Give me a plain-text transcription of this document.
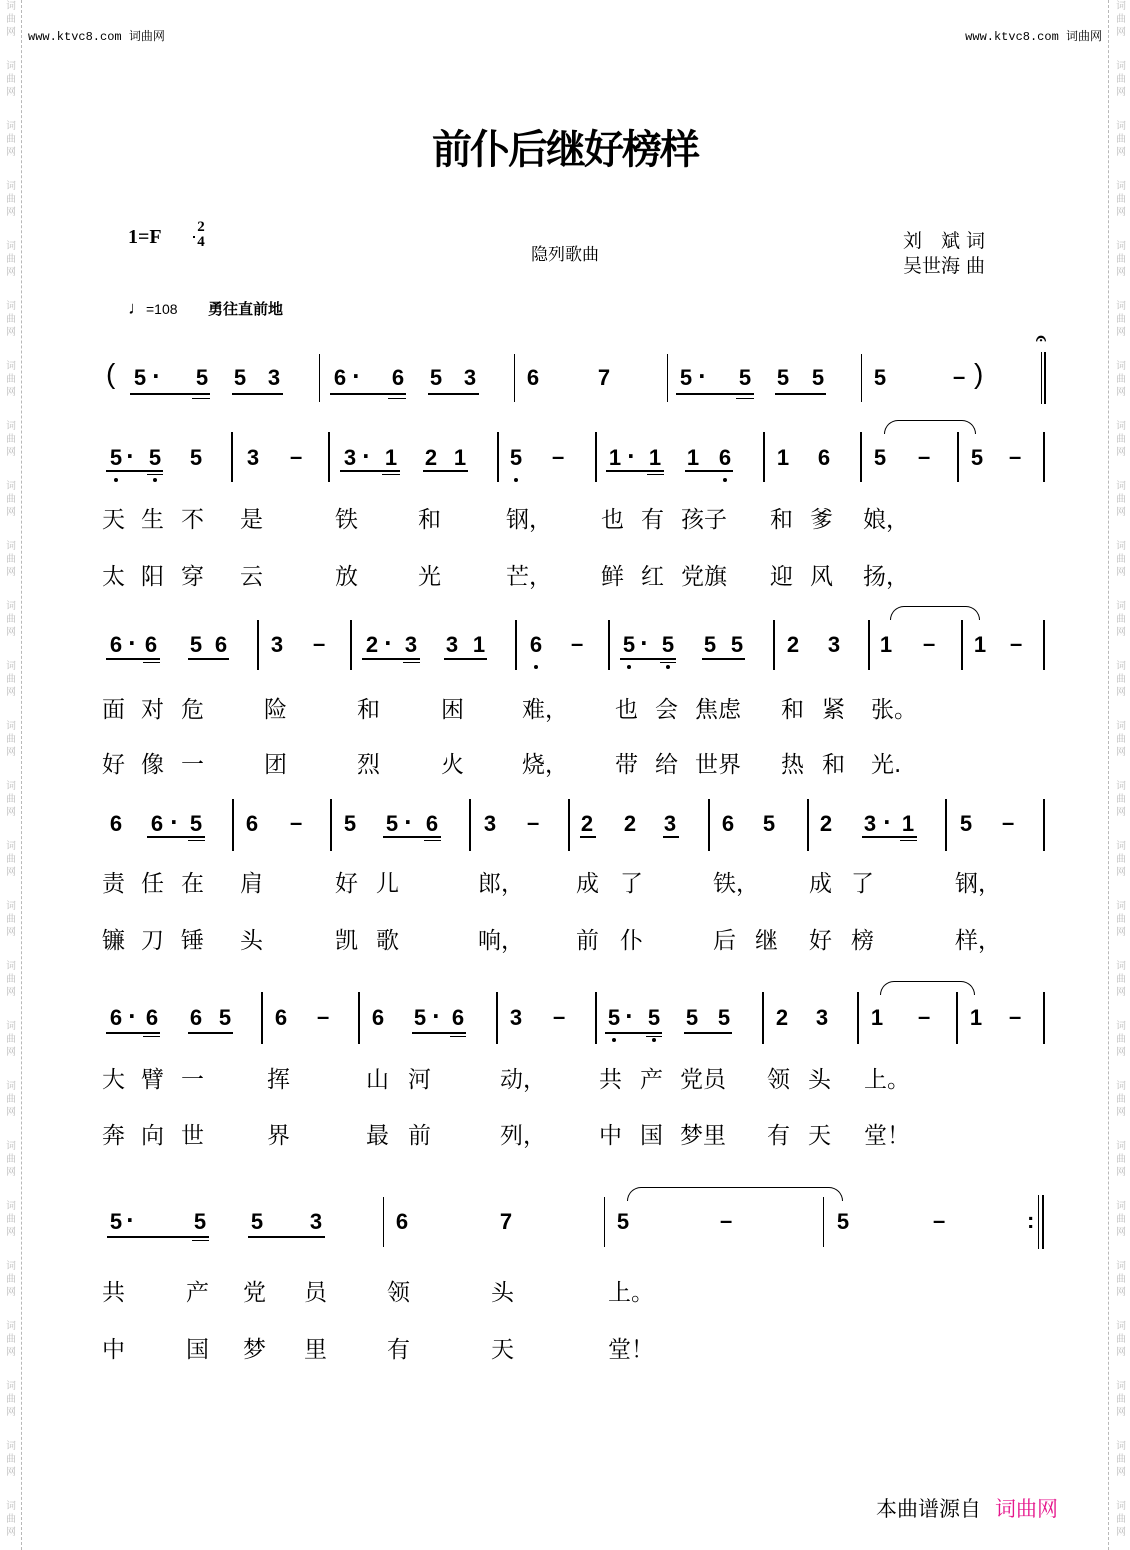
词
曲
网
词
曲
网
词
曲
网
词
曲
网
词
曲
网
词
曲
网
词
曲
网
词
曲
网
词
曲
网
词
曲
网
词
曲
网
词
曲
网
词
曲
网
词
曲
网
词
曲
网
词
曲
网
词
曲
网
词
曲
网
词
曲
网
词
曲
网
词
曲
网
词
曲
网
词
曲
网
词
曲
网
词
曲
网
词
曲
网
词
曲
网
词
曲
网
词
曲
网
词
曲
网
词
曲
网
词
曲
网
词
曲
网
词
曲
网
词
曲
网
词
曲
网
词
曲
网
词
曲
网
词
曲
网
词
曲
网
词
曲
网
词
曲
网
词
曲
网
词
曲
网
词
曲
网
词
曲
网
词
曲
网
词
曲
网
词
曲
网
词
曲
网
词
曲
网
词
曲
网
www.ktvc8.com 词曲网	www.ktvc8.com 词曲网
前仆后继好榜样
1=F 2
4
隐列歌曲
刘　斌 词
吴世海 曲
♩=108 勇往直前地
( 5 · 5 5 3 6 · 6 5 3 6	7	5 · 5 5 5 5	– )
𝄐
5 · 5 5 3 – 3 · 1 2 1 5 – 1 · 1 1 6 1 6 5 – 5 –
天 生 不 是	铁	和	钢， 也 有 孩子 和 爹 娘，
太 阳 穿 云	放	光	芒， 鲜 红 党旗 迎 风 扬，
6 · 6 5 6 3 – 2 · 3 3 1 6 – 5 · 5 5 5 2 3 1 – 1 –
面 对 危	险	和	困	难， 也 会 焦虑 和 紧 张。
好 像 一	团	烈	火	烧， 带 给 世界 热 和 光.
6 6 · 5 6 – 5 5 · 6 3 – 2 2 3 6 5 2 3 · 1 5 –
责 任 在 肩	好 儿	郎， 成 了	铁， 成 了	钢，
镰 刀 锤 头	凯 歌	响， 前 仆	后 继 好 榜	样，
6 · 6 6 5 6 – 6 5 · 6 3 – 5 · 5 5 5 2 3 1 – 1 –
大 臂 一	挥	山 河	动， 共 产 党员 领 头 上。
奔 向 世	界	最 前	列， 中 国 梦里 有 天 堂！
5 ·	5 5 3	6	7	5	–	5	–	:
共	产 党 员	领	头	上。
中	国 梦 里	有	天	堂！
本曲谱源自 词曲网
